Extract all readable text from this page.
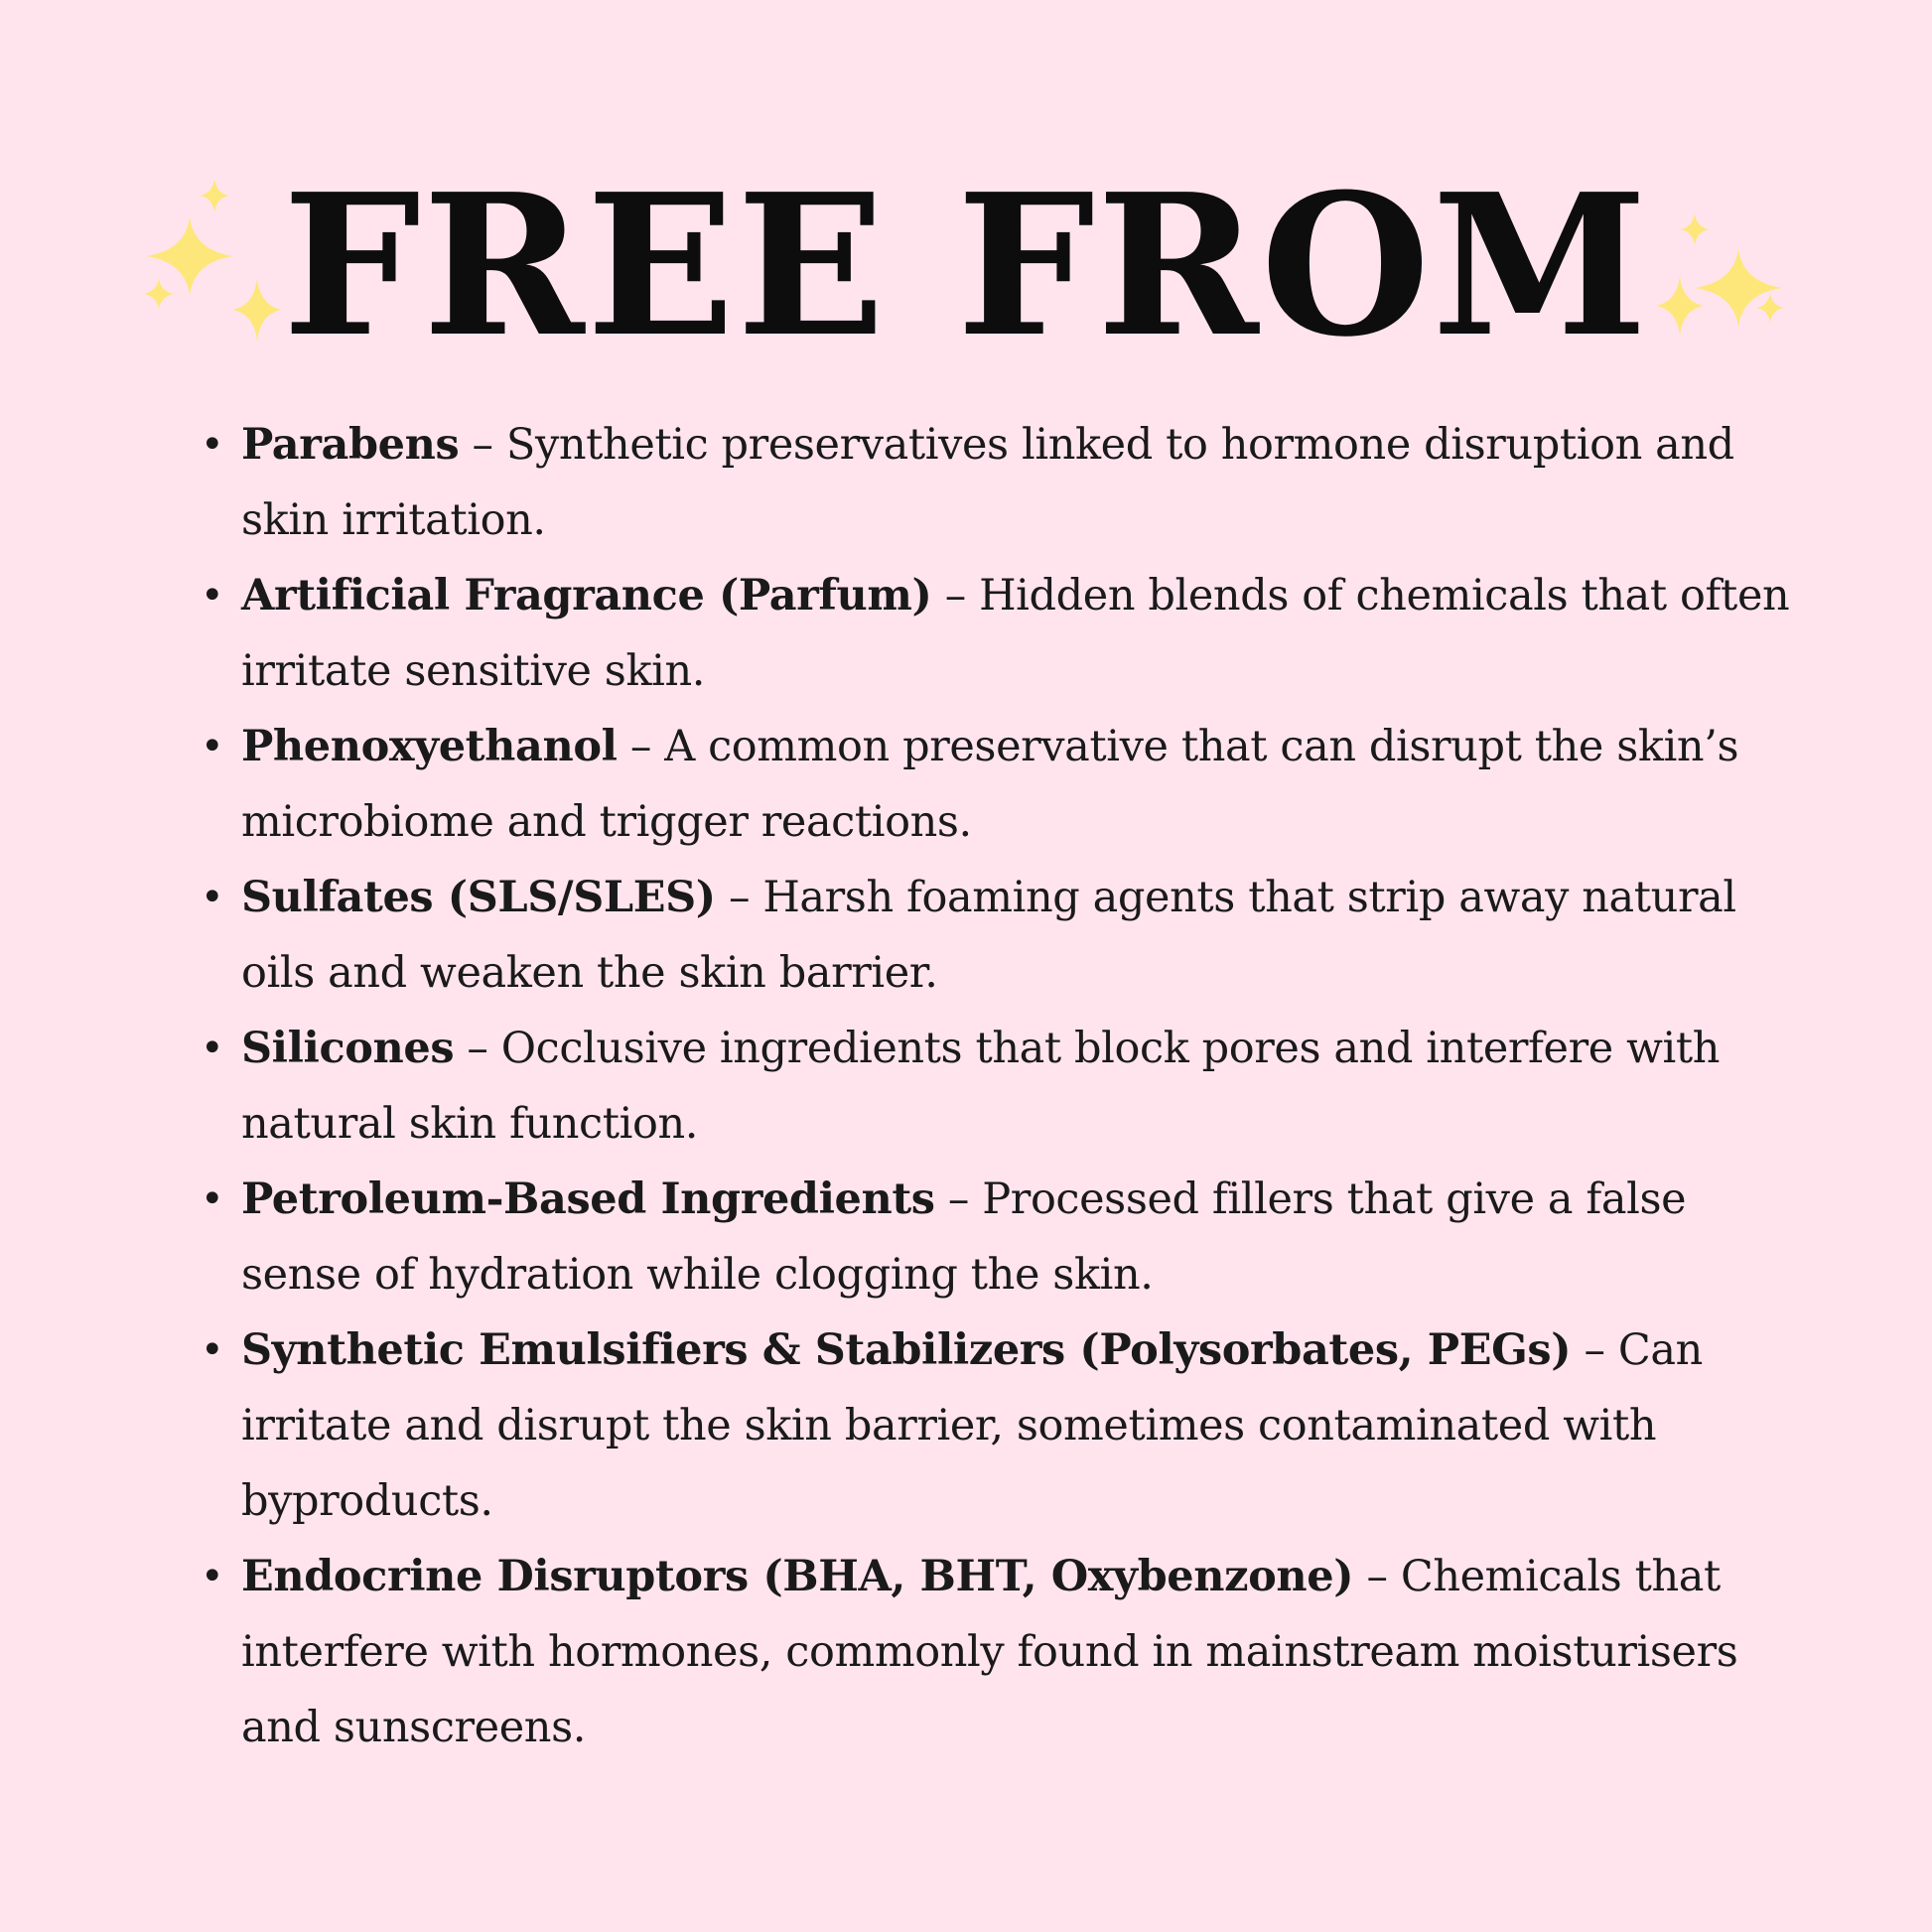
FREE FROM
• Parabens – Synthetic preservatives linked to hormone disruption and skin irritation.
• Artificial Fragrance (Parfum) – Hidden blends of chemicals that often irritate sensitive skin.
• Phenoxyethanol – A common preservative that can disrupt the skin’s microbiome and trigger reactions.
• Sulfates (SLS/SLES) – Harsh foaming agents that strip away natural oils and weaken the skin barrier.
• Silicones – Occlusive ingredients that block pores and interfere with natural skin function.
• Petroleum-Based Ingredients – Processed fillers that give a false sense of hydration while clogging the skin.
• Synthetic Emulsifiers & Stabilizers (Polysorbates, PEGs) – Can irritate and disrupt the skin barrier, sometimes contaminated with byproducts.
• Endocrine Disruptors (BHA, BHT, Oxybenzone) – Chemicals that interfere with hormones, commonly found in mainstream moisturisers and sunscreens.
